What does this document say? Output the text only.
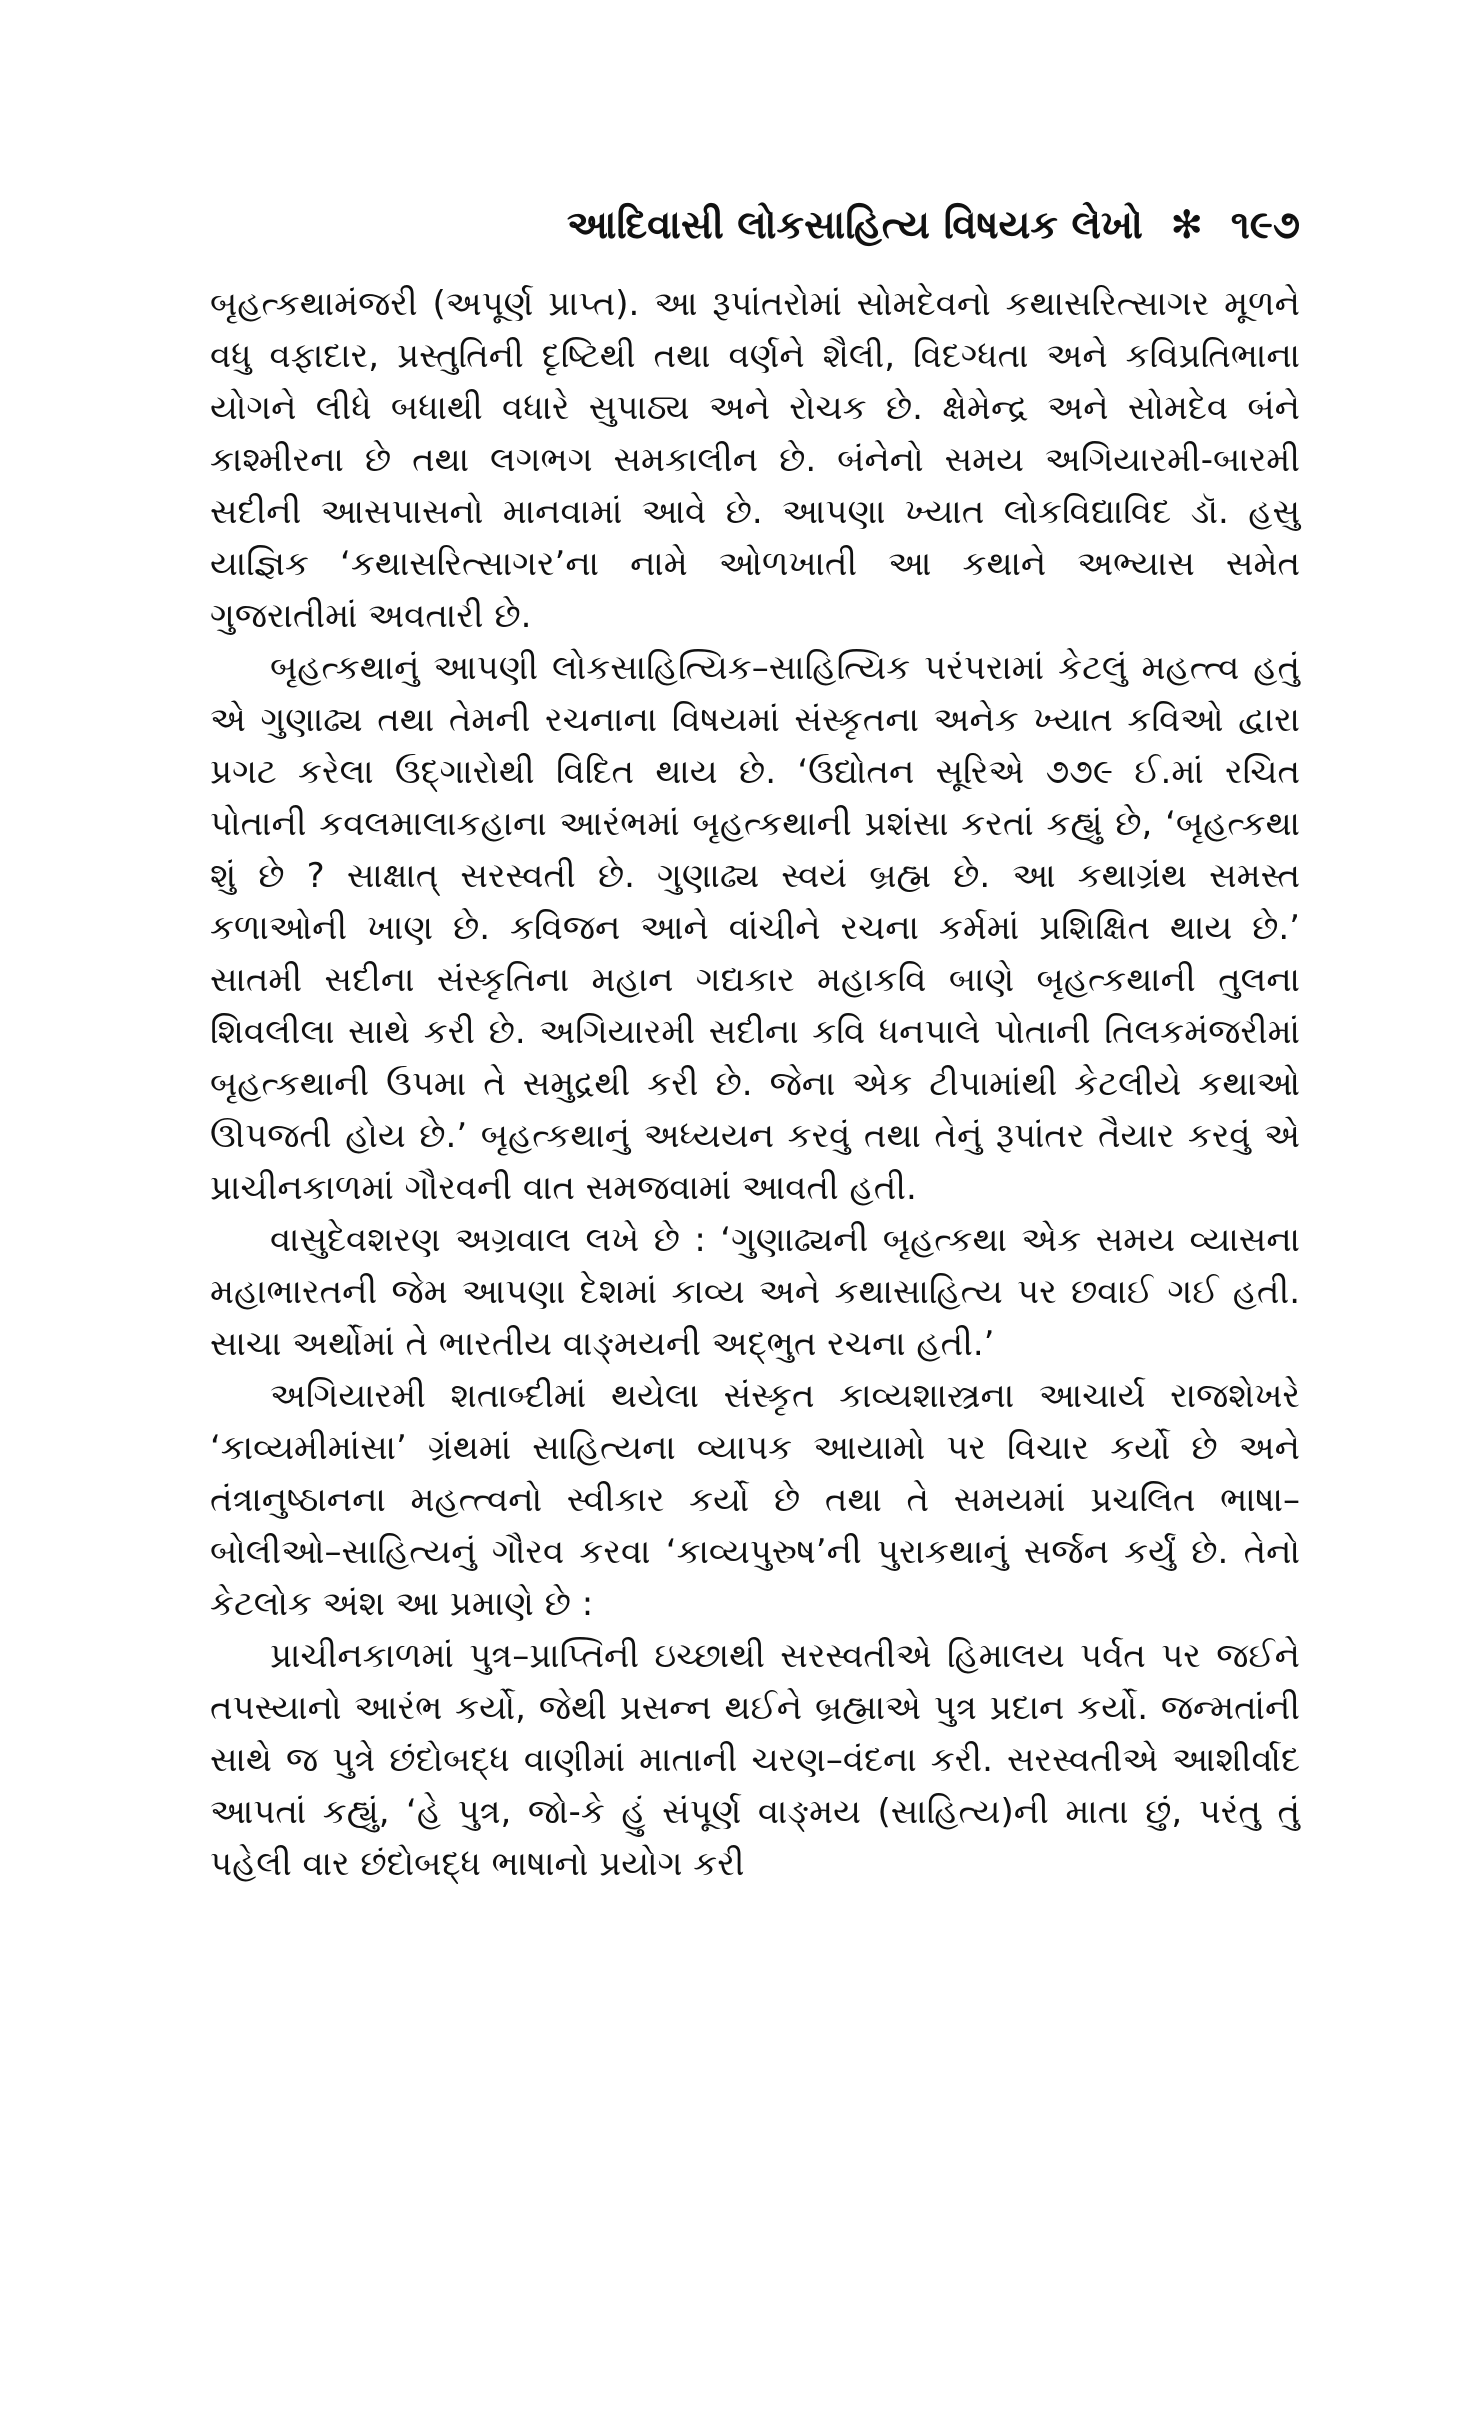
આદિવાસી લોકસાહિત્ય વિષયક લેખો ✻ ૧૯૭

બૃહત્કથામંજરી (અપૂર્ણ પ્રાપ્ત). આ રૂપાંતરોમાં સોમદેવનો કથાસરિત્સાગર મૂળને વધુ વફાદાર, પ્રસ્તુતિની દૃષ્ટિથી તથા વર્ણને શૈલી, વિદગ્ધતા અને કવિપ્રતિભાના યોગને લીધે બધાથી વધારે સુપાઠ્ય અને રોચક છે. ક્ષેમેન્દ્ર અને સોમદેવ બંને કાશ્મીરના છે તથા લગભગ સમકાલીન છે. બંનેનો સમય અગિયારમી-બારમી સદીની આસપાસનો માનવામાં આવે છે. આપણા ખ્યાત લોકવિદ્યાવિદ ડૉ. હસુ યાજ્ઞિક ‘કથાસરિત્સાગર’ના નામે ઓળખાતી આ કથાને અભ્યાસ સમેત ગુજરાતીમાં અવતારી છે.

બૃહત્કથાનું આપણી લોકસાહિત્યિક–સાહિત્યિક પરંપરામાં કેટલું મહત્ત્વ હતું એ ગુણાઢ્ય તથા તેમની રચનાના વિષયમાં સંસ્કૃતના અનેક ખ્યાત કવિઓ દ્વારા પ્રગટ કરેલા ઉદ્‌ગારોથી વિદિત થાય છે. ‘ઉદ્યોતન સૂરિએ ૭૭૯ ઈ.માં રચિત પોતાની કવલમાલાકહાના આરંભમાં બૃહત્કથાની પ્રશંસા કરતાં કહ્યું છે, ‘બૃહત્કથા શું છે ? સાક્ષાત્ સરસ્વતી છે. ગુણાઢ્ય સ્વયં બ્રહ્મ છે. આ કથાગ્રંથ સમસ્ત કળાઓની ખાણ છે. કવિજન આને વાંચીને રચના કર્મમાં પ્રશિક્ષિત થાય છે.’ સાતમી સદીના સંસ્કૃતિના મહાન ગદ્યકાર મહાકવિ બાણે બૃહત્કથાની તુલના શિવલીલા સાથે કરી છે. અગિયારમી સદીના કવિ ધનપાલે પોતાની તિલકમંજરીમાં બૃહત્કથાની ઉપમા તે સમુદ્રથી કરી છે. જેના એક ટીપામાંથી કેટલીયે કથાઓ ઊપજતી હોય છે.’ બૃહત્કથાનું અધ્યયન કરવું તથા તેનું રૂપાંતર તૈયાર કરવું એ પ્રાચીનકાળમાં ગૌરવની વાત સમજવામાં આવતી હતી.

વાસુદેવશરણ અગ્રવાલ લખે છે : ‘ગુણાઢ્યની બૃહત્કથા એક સમય વ્યાસના મહાભારતની જેમ આપણા દેશમાં કાવ્ય અને કથાસાહિત્ય પર છવાઈ ગઈ હતી. સાચા અર્થોમાં તે ભારતીય વાઙ્મયની અદ્‌ભુત રચના હતી.’

અગિયારમી શતાબ્દીમાં થયેલા સંસ્કૃત કાવ્યશાસ્ત્રના આચાર્ય રાજશેખરે ‘કાવ્યમીમાંસા’ ગ્રંથમાં સાહિત્યના વ્યાપક આયામો પર વિચાર કર્યો છે અને તંત્રાનુષ્ઠાનના મહત્ત્વનો સ્વીકાર કર્યો છે તથા તે સમયમાં પ્રચલિત ભાષા–બોલીઓ–સાહિત્યનું ગૌરવ કરવા ‘કાવ્યપુરુષ’ની પુરાકથાનું સર્જન કર્યું છે. તેનો કેટલોક અંશ આ પ્રમાણે છે :

પ્રાચીનકાળમાં પુત્ર–પ્રાપ્તિની ઇચ્છાથી સરસ્વતીએ હિમાલય પર્વત પર જઈને તપસ્યાનો આરંભ કર્યો, જેથી પ્રસન્ન થઈને બ્રહ્માએ પુત્ર પ્રદાન કર્યો. જન્મતાંની સાથે જ પુત્રે છંદોબદ્ધ વાણીમાં માતાની ચરણ–વંદના કરી. સરસ્વતીએ આશીર્વાદ આપતાં કહ્યું, ‘હે પુત્ર, જો-કે હું સંપૂર્ણ વાઙ્મય (સાહિત્ય)ની માતા છું, પરંતુ તું પહેલી વાર છંદોબદ્ધ ભાષાનો પ્રયોગ કરી
